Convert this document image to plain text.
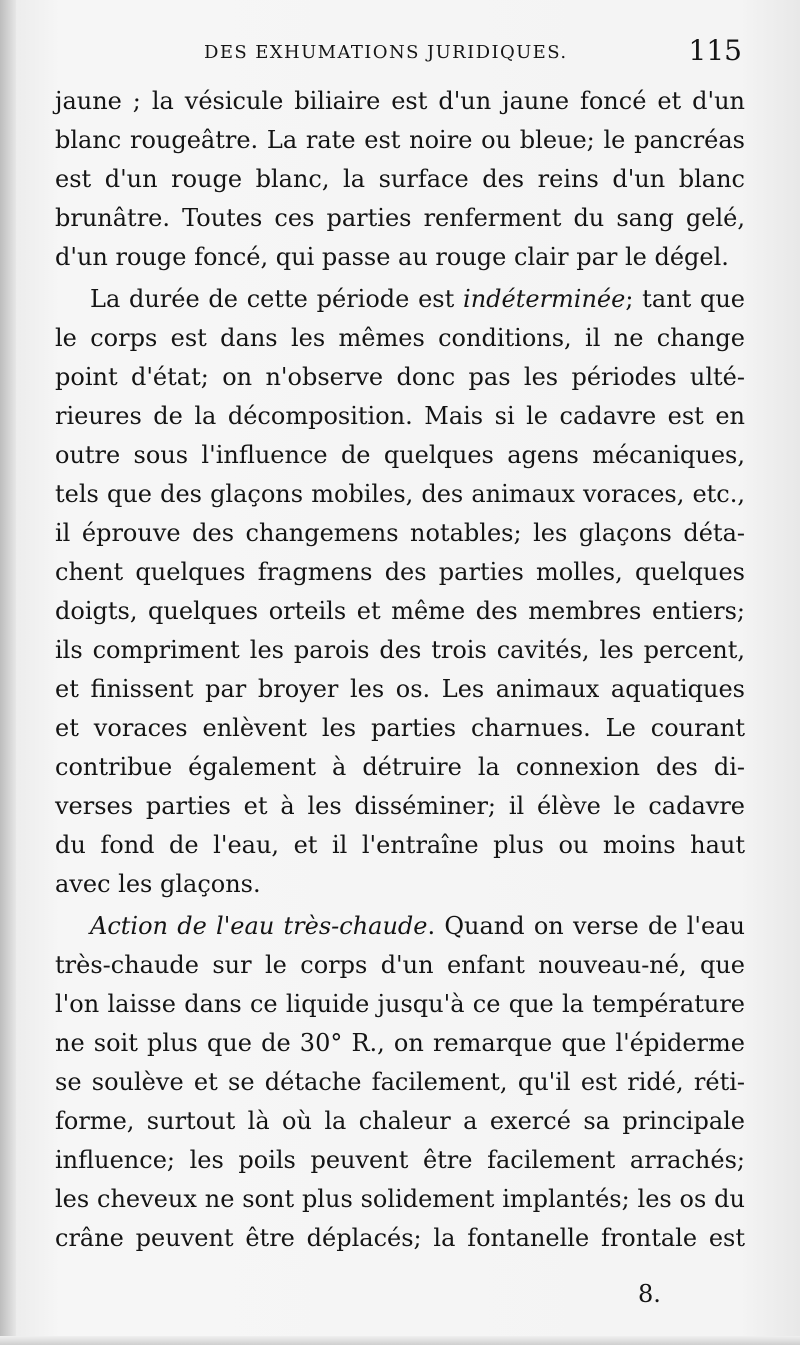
DES EXHUMATIONS JURIDIQUES.	115
jaune ; la vésicule biliaire est d'un jaune foncé et d'un
blanc rougeâtre. La rate est noire ou bleue; le pancréas
est d'un rouge blanc, la surface des reins d'un blanc
brunâtre. Toutes ces parties renferment du sang gelé,
d'un rouge foncé, qui passe au rouge clair par le dégel.
La durée de cette période est indéterminée; tant que
le corps est dans les mêmes conditions, il ne change
point d'état; on n'observe donc pas les périodes ulté-
rieures de la décomposition. Mais si le cadavre est en
outre sous l'influence de quelques agens mécaniques,
tels que des glaçons mobiles, des animaux voraces, etc.,
il éprouve des changemens notables; les glaçons déta-
chent quelques fragmens des parties molles, quelques
doigts, quelques orteils et même des membres entiers;
ils compriment les parois des trois cavités, les percent,
et finissent par broyer les os. Les animaux aquatiques
et voraces enlèvent les parties charnues. Le courant
contribue également à détruire la connexion des di-
verses parties et à les disséminer; il élève le cadavre
du fond de l'eau, et il l'entraîne plus ou moins haut
avec les glaçons.
Action de l'eau très-chaude. Quand on verse de l'eau
très-chaude sur le corps d'un enfant nouveau-né, que
l'on laisse dans ce liquide jusqu'à ce que la température
ne soit plus que de 30° R., on remarque que l'épiderme
se soulève et se détache facilement, qu'il est ridé, réti-
forme, surtout là où la chaleur a exercé sa principale
influence; les poils peuvent être facilement arrachés;
les cheveux ne sont plus solidement implantés; les os du
crâne peuvent être déplacés; la fontanelle frontale est
8.
